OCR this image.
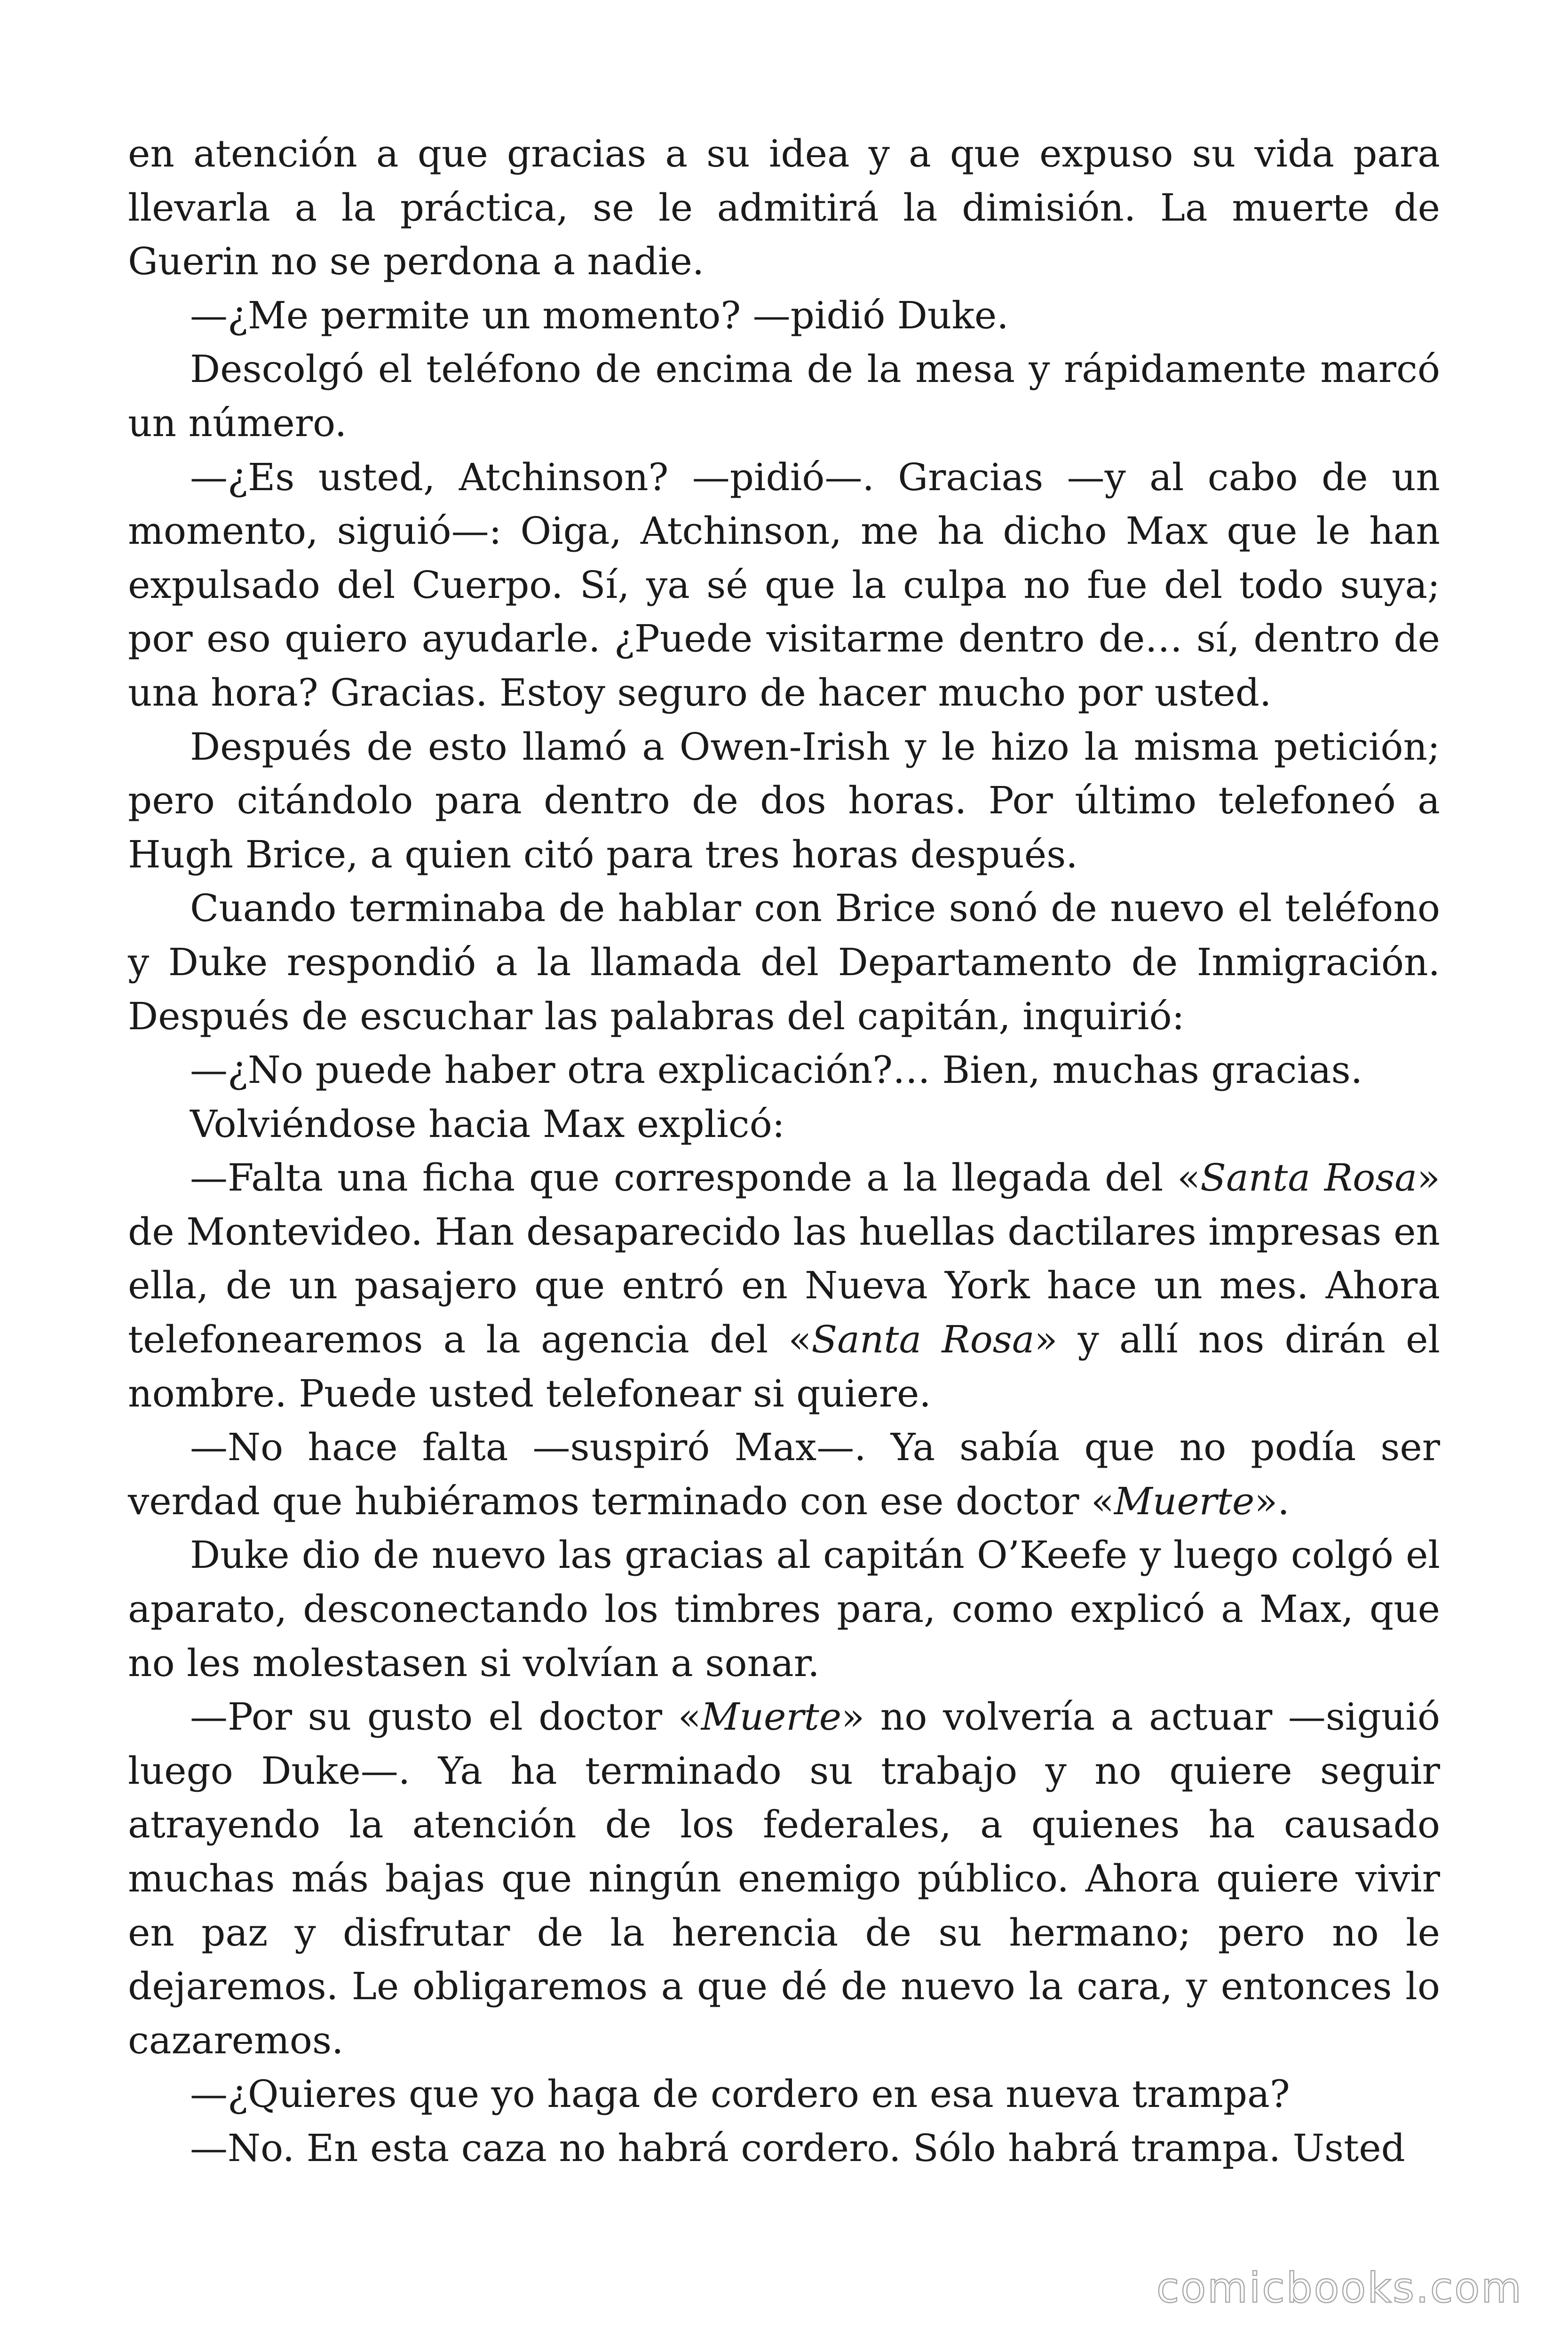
en atención a que gracias a su idea y a que expuso su vida para llevarla a la práctica, se le admitirá la dimisión. La muerte de Guerin no se perdona a nadie.

—¿Me permite un momento? —pidió Duke.

Descolgó el teléfono de encima de la mesa y rápidamente marcó un número.

—¿Es usted, Atchinson? —pidió—. Gracias —y al cabo de un momento, siguió—: Oiga, Atchinson, me ha dicho Max que le han expulsado del Cuerpo. Sí, ya sé que la culpa no fue del todo suya; por eso quiero ayudarle. ¿Puede visitarme dentro de… sí, dentro de una hora? Gracias. Estoy seguro de hacer mucho por usted.

Después de esto llamó a Owen-Irish y le hizo la misma petición; pero citándolo para dentro de dos horas. Por último telefoneó a Hugh Brice, a quien citó para tres horas después.

Cuando terminaba de hablar con Brice sonó de nuevo el teléfono y Duke respondió a la llamada del Departamento de Inmigración. Después de escuchar las palabras del capitán, inquirió:

—¿No puede haber otra explicación?… Bien, muchas gracias.

Volviéndose hacia Max explicó:

—Falta una ficha que corresponde a la llegada del «Santa Rosa» de Montevideo. Han desaparecido las huellas dactilares impresas en ella, de un pasajero que entró en Nueva York hace un mes. Ahora telefonearemos a la agencia del «Santa Rosa» y allí nos dirán el nombre. Puede usted telefonear si quiere.

—No hace falta —suspiró Max—. Ya sabía que no podía ser verdad que hubiéramos terminado con ese doctor «Muerte».

Duke dio de nuevo las gracias al capitán O’Keefe y luego colgó el aparato, desconectando los timbres para, como explicó a Max, que no les molestasen si volvían a sonar.

—Por su gusto el doctor «Muerte» no volvería a actuar —siguió luego Duke—. Ya ha terminado su trabajo y no quiere seguir atrayendo la atención de los federales, a quienes ha causado muchas más bajas que ningún enemigo público. Ahora quiere vivir en paz y disfrutar de la herencia de su hermano; pero no le dejaremos. Le obligaremos a que dé de nuevo la cara, y entonces lo cazaremos.

—¿Quieres que yo haga de cordero en esa nueva trampa?

—No. En esta caza no habrá cordero. Sólo habrá trampa. Usted

comicbooks.com
